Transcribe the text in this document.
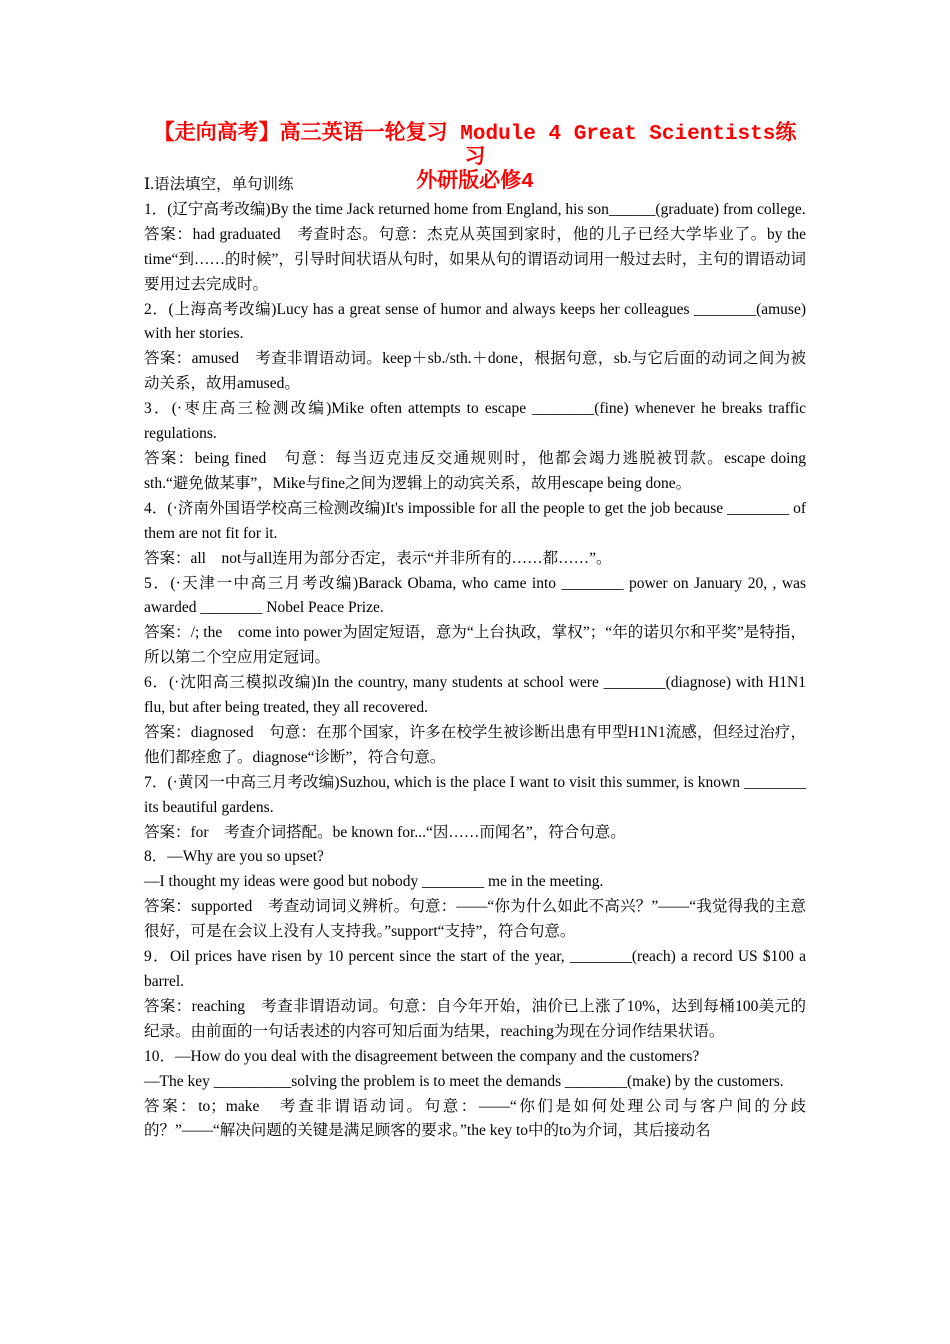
【走向高考】高三英语一轮复习 Module 4 Great Scientists练习
外研版必修4
Ⅰ.语法填空，单句训练
1．(辽宁高考改编)By the time Jack returned home from England, his son______(graduate) from college.
答案：had graduated　考查时态。句意：杰克从英国到家时，他的儿子已经大学毕业了。by the time“到……的时候”，引导时间状语从句时，如果从句的谓语动词用一般过去时，主句的谓语动词要用过去完成时。
2．(上海高考改编)Lucy has a great sense of humor and always keeps her colleagues ________(amuse) with her stories.
答案：amused　考查非谓语动词。keep＋sb./sth.＋done，根据句意，sb.与它后面的动词之间为被动关系，故用amused。
3．(·枣庄高三检测改编)Mike often attempts to escape ________(fine) whenever he breaks traffic regulations.
答案：being fined　句意：每当迈克违反交通规则时，他都会竭力逃脱被罚款。escape doing sth.“避免做某事”，Mike与fine之间为逻辑上的动宾关系，故用escape being done。
4．(·济南外国语学校高三检测改编)It's impossible for all the people to get the job because ________ of them are not fit for it.
答案：all　not与all连用为部分否定，表示“并非所有的……都……”。
5．(·天津一中高三月考改编)Barack Obama, who came into ________ power on January 20, , was awarded ________ Nobel Peace Prize.
答案：/; the　come into power为固定短语，意为“上台执政，掌权”；“年的诺贝尔和平奖”是特指，所以第二个空应用定冠词。
6．(·沈阳高三模拟改编)In the country, many students at school were ________(diagnose) with H1N1 flu, but after being treated, they all recovered.
答案：diagnosed　句意：在那个国家，许多在校学生被诊断出患有甲型H1N1流感，但经过治疗，他们都痊愈了。diagnose“诊断”，符合句意。
7．(·黄冈一中高三月考改编)Suzhou, which is the place I want to visit this summer, is known ________ its beautiful gardens.
答案：for　考查介词搭配。be known for...“因……而闻名”，符合句意。
8．—Why are you so upset?
—I thought my ideas were good but nobody ________ me in the meeting.
答案：supported　考查动词词义辨析。句意：——“你为什么如此不高兴？”——“我觉得我的主意很好，可是在会议上没有人支持我。”support“支持”，符合句意。
9．Oil prices have risen by 10 percent since the start of the year, ________(reach) a record US $100 a barrel.
答案：reaching　考查非谓语动词。句意：自今年开始，油价已上涨了10%，达到每桶100美元的纪录。由前面的一句话表述的内容可知后面为结果，reaching为现在分词作结果状语。
10．—How do you deal with the disagreement between the company and the customers?
—The key __________solving the problem is to meet the demands ________(make) by the customers.
答案：to；make　考查非谓语动词。句意：——“你们是如何处理公司与客户间的分歧的？”——“解决问题的关键是满足顾客的要求。”the key to中的to为介词，其后接动名
